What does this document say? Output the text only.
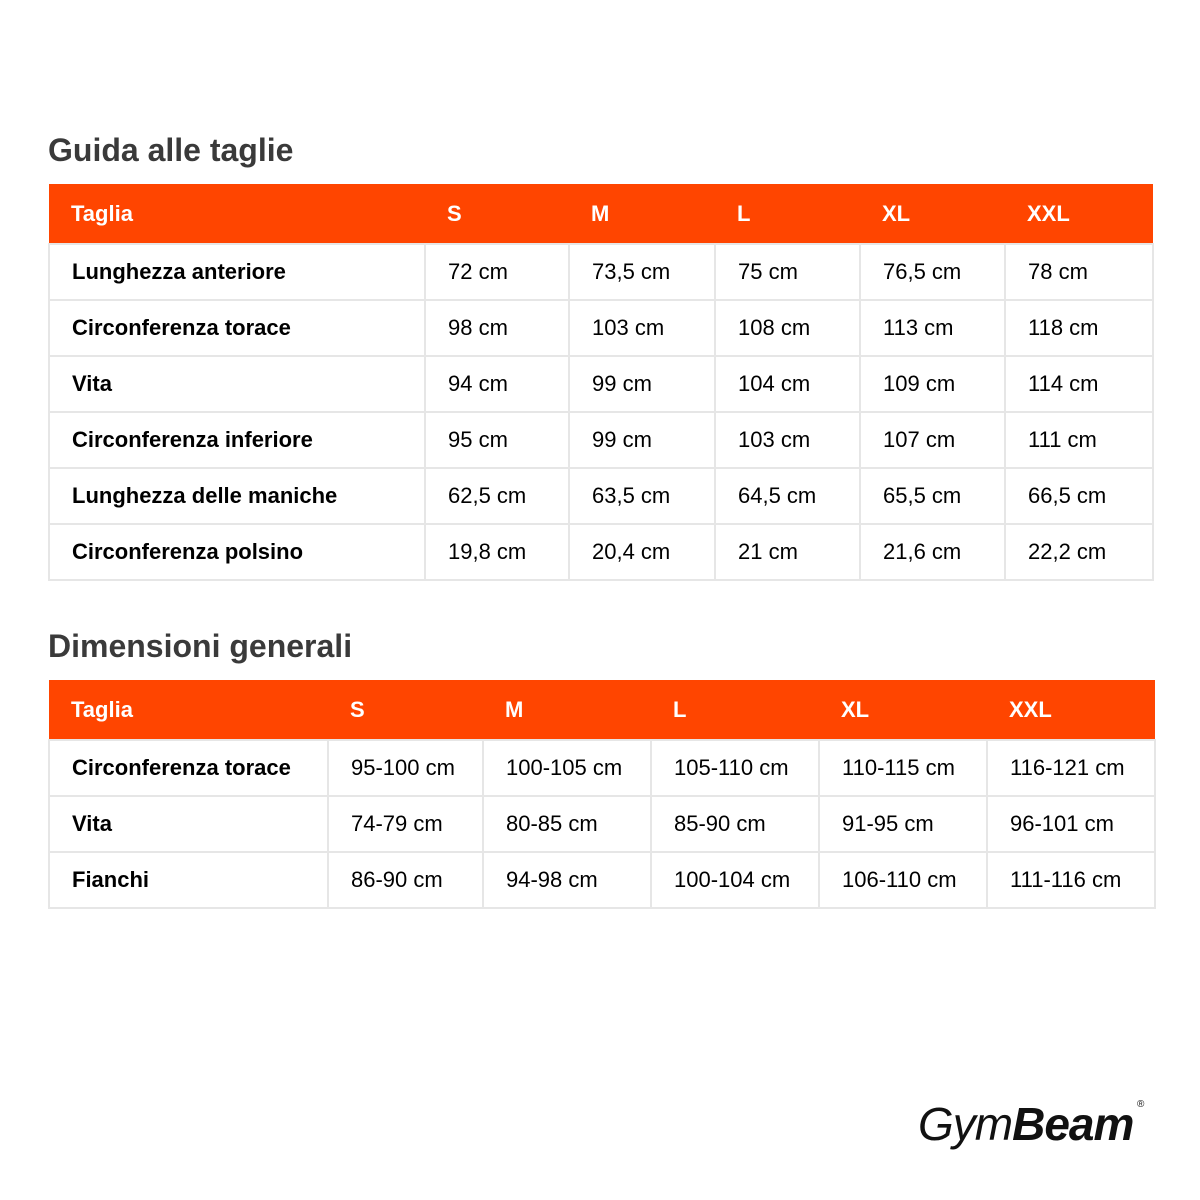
Guida alle taglie
Taglia	S	M	L	XL	XXL
Lunghezza anteriore	72 cm	73,5 cm	75 cm	76,5 cm	78 cm
Circonferenza torace	98 cm	103 cm	108 cm	113 cm	118 cm
Vita	94 cm	99 cm	104 cm	109 cm	114 cm
Circonferenza inferiore	95 cm	99 cm	103 cm	107 cm	111 cm
Lunghezza delle maniche	62,5 cm	63,5 cm	64,5 cm	65,5 cm	66,5 cm
Circonferenza polsino	19,8 cm	20,4 cm	21 cm	21,6 cm	22,2 cm
Dimensioni generali
Taglia	S	M	L	XL	XXL
Circonferenza torace	95-100 cm	100-105 cm	105-110 cm	110-115 cm	116-121 cm
Vita	74-79 cm	80-85 cm	85-90 cm	91-95 cm	96-101 cm
Fianchi	86-90 cm	94-98 cm	100-104 cm	106-110 cm	111-116 cm
GymBeam ®
